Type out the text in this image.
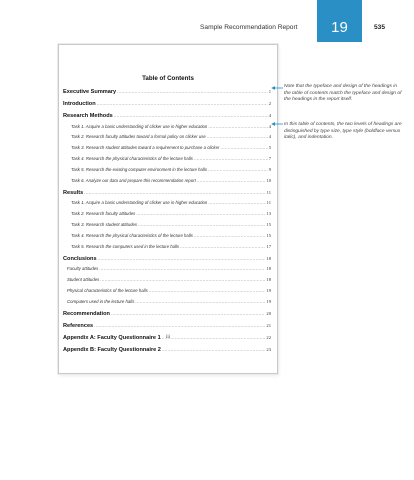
Sample Recommendation Report	19	535
Table of Contents
Executive Summary .....	1
Introduction .....	2
Research Methods .....	4
Task 1. Acquire a basic understanding of clicker use in higher education .....	4
Task 2. Research faculty attitudes toward a formal policy on clicker use .....	4
Task 3. Research student attitudes toward a requirement to purchase a clicker .....	5
Task 4. Research the physical characteristics of the lecture halls .....	7
Task 5. Research the existing computer environment in the lecture halls .....	9
Task 6. Analyze our data and prepare this recommendation report .....	10
Results .....	11
Task 1. Acquire a basic understanding of clicker use in higher education .....	11
Task 2. Research faculty attitudes .....	13
Task 3. Research student attitudes .....	15
Task 4. Research the physical characteristics of the lecture halls .....	15
Task 5. Research the computers used in the lecture halls .....	17
Conclusions .....	18
Faculty attitudes .....	18
Student attitudes .....	18
Physical characteristics of the lecture halls .....	19
Computers used in the lecture halls .....	19
Recommendation .....	20
References .....	21
Appendix A: Faculty Questionnaire 1 .....	22
Appendix B: Faculty Questionnaire 2 .....	23
iii
Note that the typeface and design of the headings in the table of contents match the typeface and design of the headings in the report itself.
In this table of contents, the two levels of headings are distinguished by type size, type style (boldface versus italic), and indentation.
